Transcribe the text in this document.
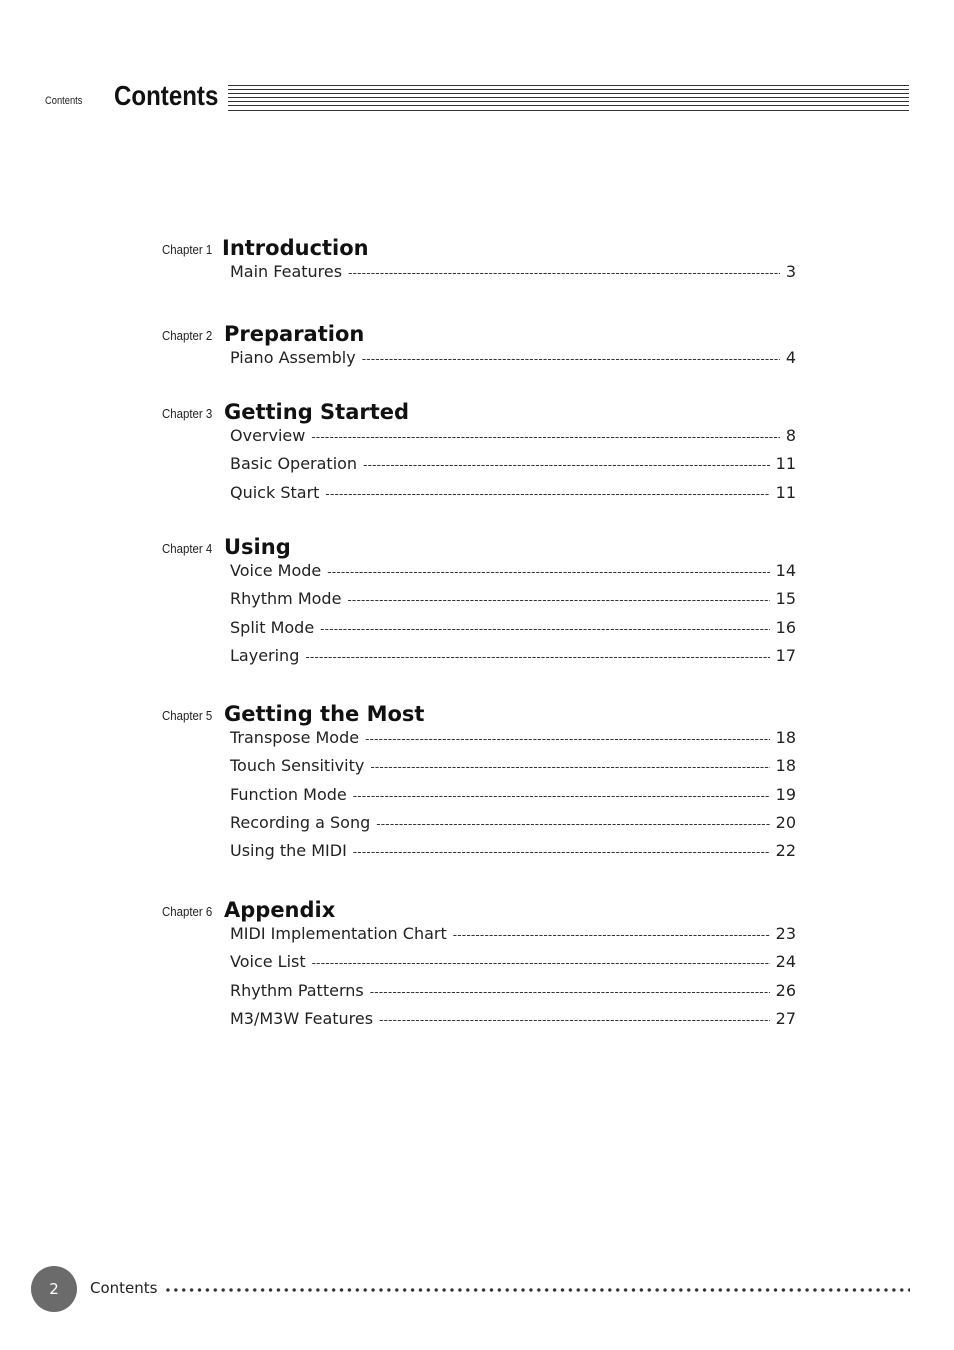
Contents Contents
Chapter 1 Introduction
Main Features -----	3
Chapter 2 Preparation
Piano Assembly -----	4
Chapter 3 Getting Started
Overview -----	8
Basic Operation -----	11
Quick Start -----	11
Chapter 4 Using
Voice Mode -----	14
Rhythm Mode -----	15
Split Mode -----	16
Layering -----	17
Chapter 5 Getting the Most
Transpose Mode -----	18
Touch Sensitivity -----	18
Function Mode -----	19
Recording a Song -----	20
Using the MIDI -----	22
Chapter 6 Appendix
MIDI Implementation Chart -----	23
Voice List -----	24
Rhythm Patterns -----	26
M3/M3W Features -----	27
2	Contents
